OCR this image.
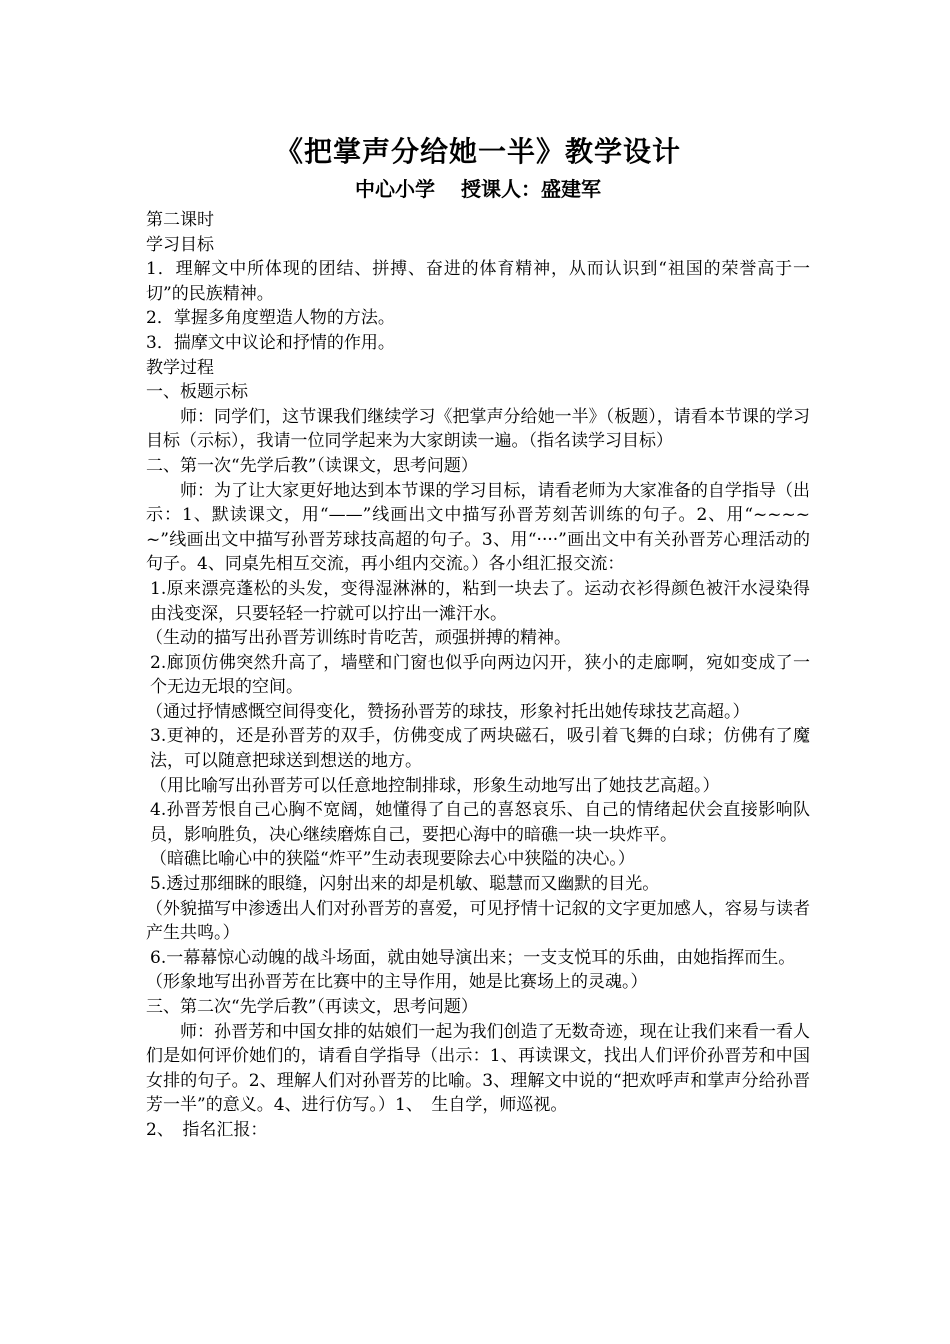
《把掌声分给她一半》教学设计

中心小学 授课人：盛建军

第二课时

学习目标

1．理解文中所体现的团结、拼搏、奋进的体育精神，从而认识到“祖国的荣誉高于一切”的民族精神。

2．掌握多角度塑造人物的方法。

3．揣摩文中议论和抒情的作用。

教学过程

一、板题示标

师：同学们，这节课我们继续学习《把掌声分给她一半》（板题），请看本节课的学习目标（示标），我请一位同学起来为大家朗读一遍。（指名读学习目标）

二、第一次“先学后教”（读课文，思考问题）

师：为了让大家更好地达到本节课的学习目标，请看老师为大家准备的自学指导（出示：1、默读课文，用“——”线画出文中描写孙晋芳刻苦训练的句子。2、用“~~~~~”线画出文中描写孙晋芳球技高超的句子。3、用“····”画出文中有关孙晋芳心理活动的句子。4、同桌先相互交流，再小组内交流。）各小组汇报交流：

1.原来漂亮蓬松的头发，变得湿淋淋的，粘到一块去了。运动衣衫得颜色被汗水浸染得由浅变深，只要轻轻一拧就可以拧出一滩汗水。

（生动的描写出孙晋芳训练时肯吃苦，顽强拼搏的精神。

2.廊顶仿佛突然升高了，墙壁和门窗也似乎向两边闪开，狭小的走廊啊，宛如变成了一个无边无垠的空间。

（通过抒情感慨空间得变化，赞扬孙晋芳的球技，形象衬托出她传球技艺高超。）

3.更神的，还是孙晋芳的双手，仿佛变成了两块磁石，吸引着飞舞的白球；仿佛有了魔法，可以随意把球送到想送的地方。

（用比喻写出孙晋芳可以任意地控制排球，形象生动地写出了她技艺高超。）

4.孙晋芳恨自己心胸不宽阔，她懂得了自己的喜怒哀乐、自己的情绪起伏会直接影响队员，影响胜负，决心继续磨炼自己，要把心海中的暗礁一块一块炸平。

（暗礁比喻心中的狭隘“炸平”生动表现要除去心中狭隘的决心。）

5.透过那细眯的眼缝，闪射出来的却是机敏、聪慧而又幽默的目光。

（外貌描写中渗透出人们对孙晋芳的喜爱，可见抒情十记叙的文字更加感人，容易与读者产生共鸣。）

6.一幕幕惊心动魄的战斗场面，就由她导演出来；一支支悦耳的乐曲，由她指挥而生。

（形象地写出孙晋芳在比赛中的主导作用，她是比赛场上的灵魂。）

三、第二次“先学后教”（再读文，思考问题）

师：孙晋芳和中国女排的姑娘们一起为我们创造了无数奇迹，现在让我们来看一看人们是如何评价她们的，请看自学指导（出示：1、再读课文，找出人们评价孙晋芳和中国女排的句子。2、理解人们对孙晋芳的比喻。3、理解文中说的“把欢呼声和掌声分给孙晋芳一半”的意义。4、进行仿写。）1、　生自学，师巡视。

2、　指名汇报：
